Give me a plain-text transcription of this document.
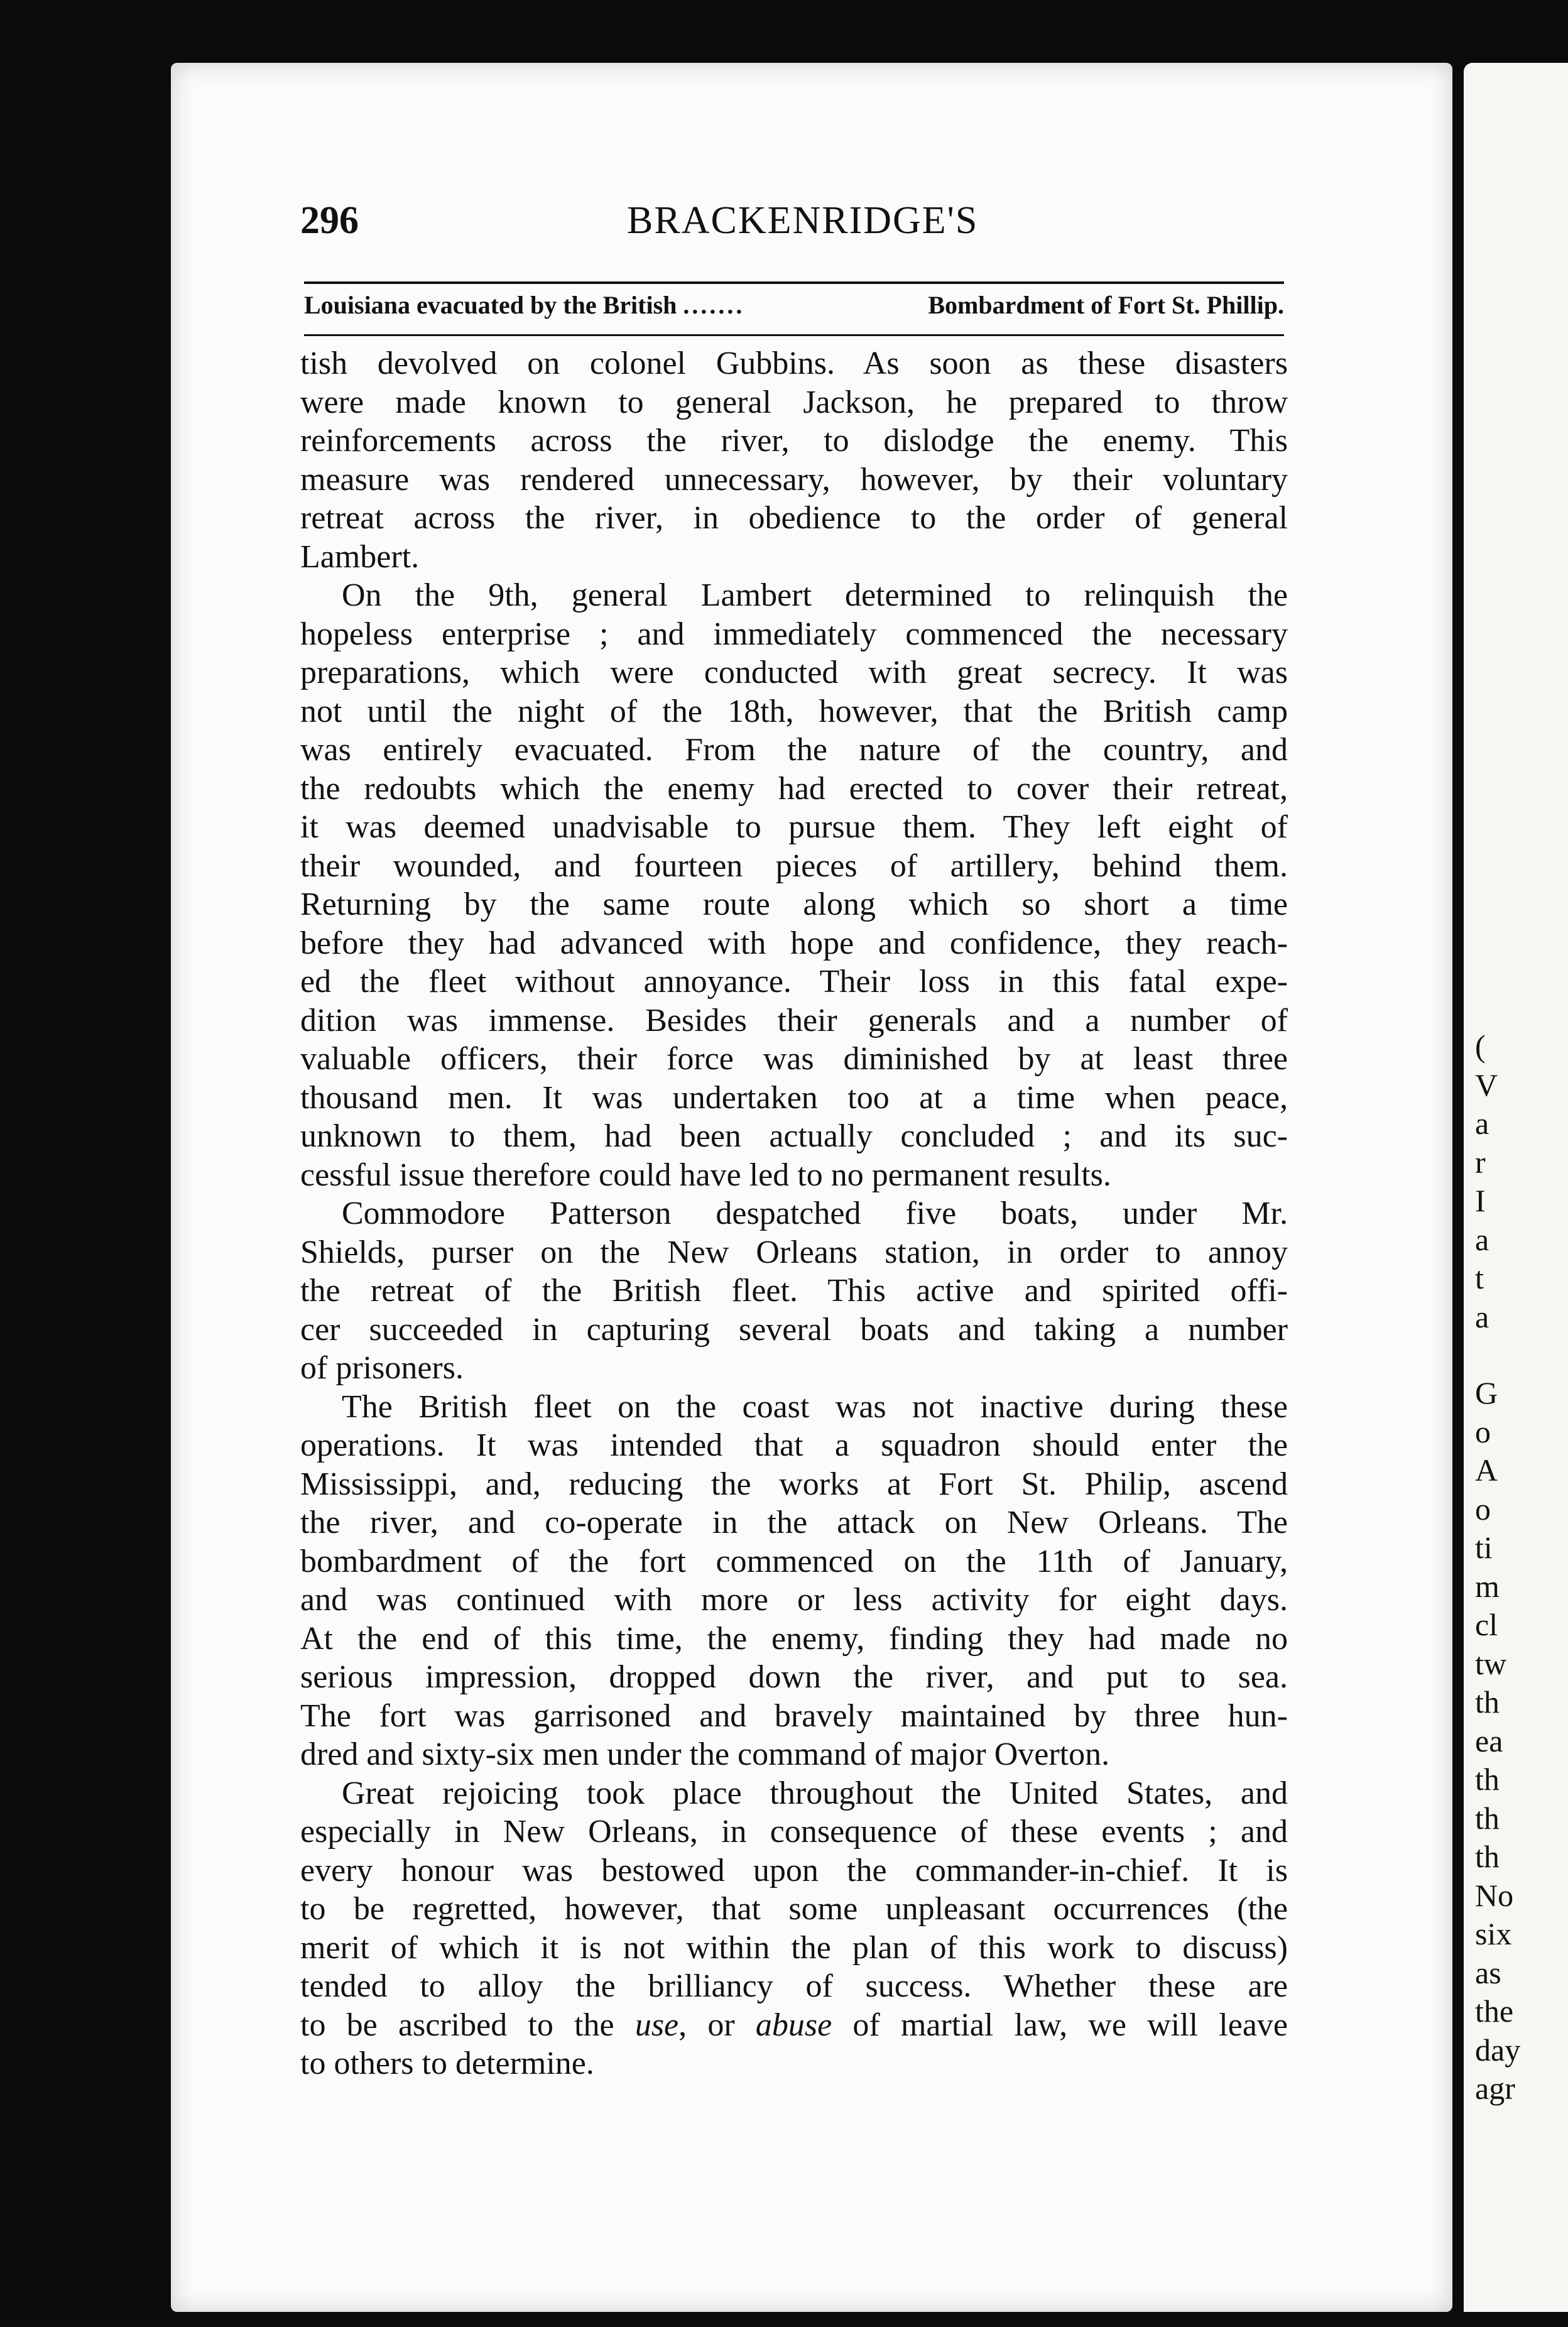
(
V
a
r
I
a
t
a
G
o
A
o
ti
m
cl
tw
th
ea
th
th
th
No
six
as
the
day
agr
296	BRACKENRIDGE'S
Louisiana evacuated by the British .......	Bombardment of Fort St. Phillip.
tish devolved on colonel Gubbins. As soon as these disasters
were made known to general Jackson, he prepared to throw
reinforcements across the river, to dislodge the enemy. This
measure was rendered unnecessary, however, by their voluntary
retreat across the river, in obedience to the order of general
Lambert.
On the 9th, general Lambert determined to relinquish the
hopeless enterprise ; and immediately commenced the necessary
preparations, which were conducted with great secrecy. It was
not until the night of the 18th, however, that the British camp
was entirely evacuated. From the nature of the country, and
the redoubts which the enemy had erected to cover their retreat,
it was deemed unadvisable to pursue them. They left eight of
their wounded, and fourteen pieces of artillery, behind them.
Returning by the same route along which so short a time
before they had advanced with hope and confidence, they reach-
ed the fleet without annoyance. Their loss in this fatal expe-
dition was immense. Besides their generals and a number of
valuable officers, their force was diminished by at least three
thousand men. It was undertaken too at a time when peace,
unknown to them, had been actually concluded ; and its suc-
cessful issue therefore could have led to no permanent results.
Commodore Patterson despatched five boats, under Mr.
Shields, purser on the New Orleans station, in order to annoy
the retreat of the British fleet. This active and spirited offi-
cer succeeded in capturing several boats and taking a number
of prisoners.
The British fleet on the coast was not inactive during these
operations. It was intended that a squadron should enter the
Mississippi, and, reducing the works at Fort St. Philip, ascend
the river, and co-operate in the attack on New Orleans. The
bombardment of the fort commenced on the 11th of January,
and was continued with more or less activity for eight days.
At the end of this time, the enemy, finding they had made no
serious impression, dropped down the river, and put to sea.
The fort was garrisoned and bravely maintained by three hun-
dred and sixty-six men under the command of major Overton.
Great rejoicing took place throughout the United States, and
especially in New Orleans, in consequence of these events ; and
every honour was bestowed upon the commander-in-chief. It is
to be regretted, however, that some unpleasant occurrences (the
merit of which it is not within the plan of this work to discuss)
tended to alloy the brilliancy of success. Whether these are
to be ascribed to the use, or abuse of martial law, we will leave
to others to determine.
